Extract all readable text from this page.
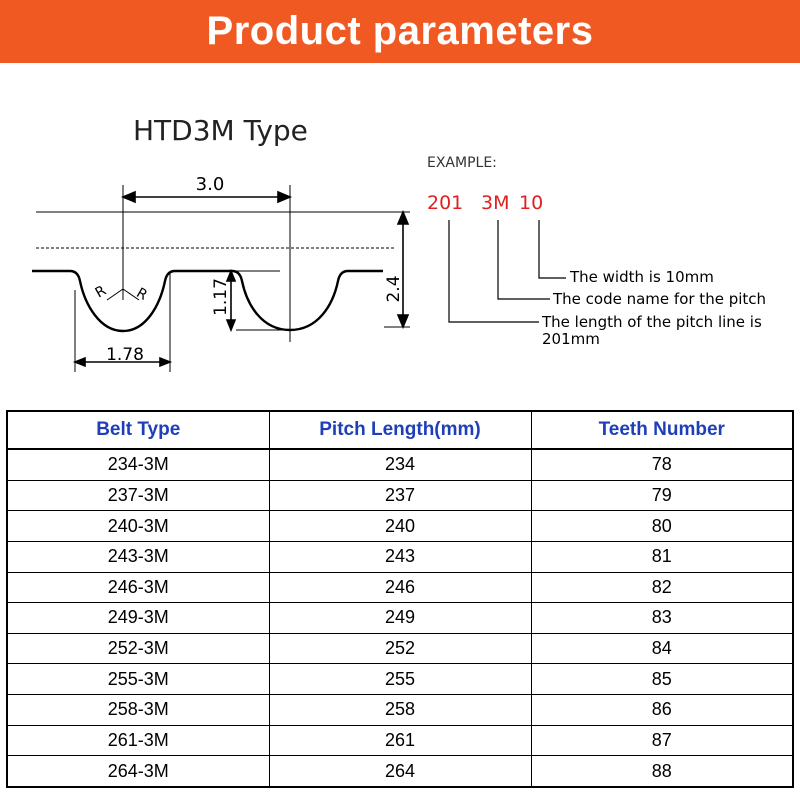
Product parameters
HTD3M Type
3.0
1.78
2.4
1.17
R R
EXAMPLE:
201 3M 10
The width is 10mm
The code name for the pitch
The length of the pitch line is
201mm
Belt Type	Pitch Length(mm)	Teeth Number
234-3M	234	78
237-3M	237	79
240-3M	240	80
243-3M	243	81
246-3M	246	82
249-3M	249	83
252-3M	252	84
255-3M	255	85
258-3M	258	86
261-3M	261	87
264-3M	264	88
